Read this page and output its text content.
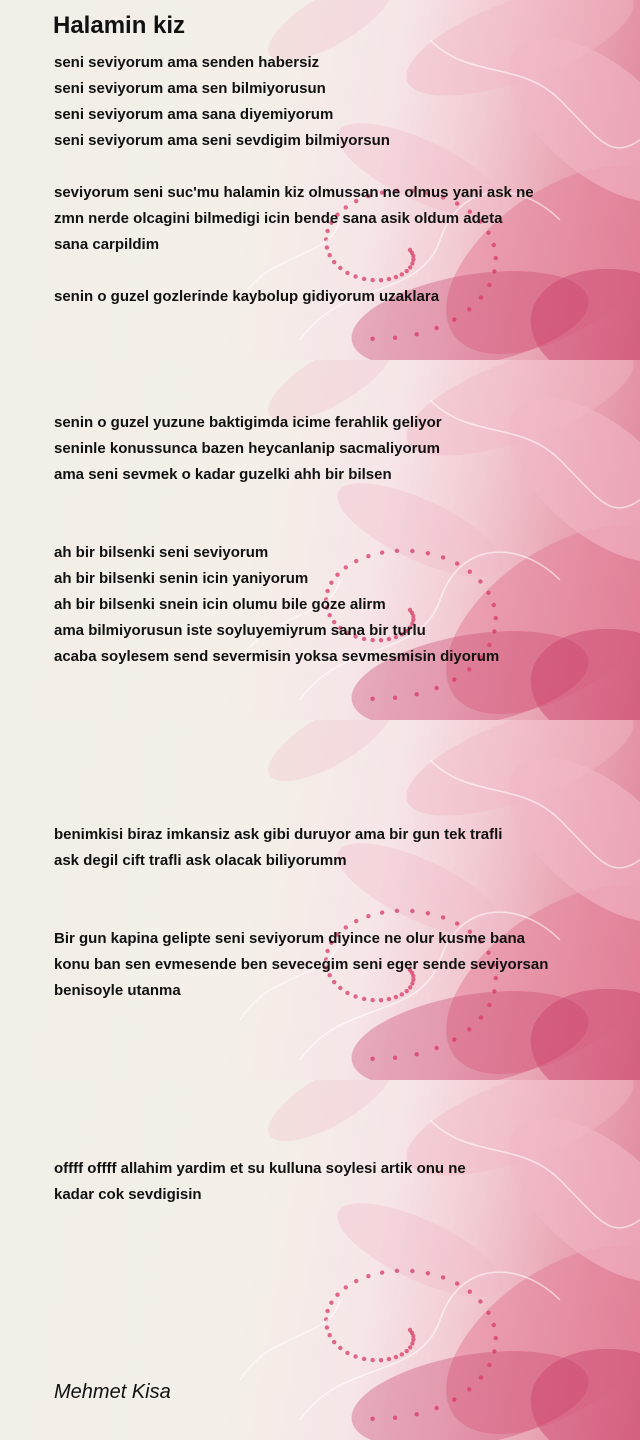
Halamin kiz
seni seviyorum ama senden habersiz
seni seviyorum ama sen bilmiyorusun
seni seviyorum ama sana diyemiyorum
seni seviyorum ama seni sevdigim bilmiyorsun
seviyorum seni suc'mu halamin kiz olmussan ne olmus yani ask ne
zmn nerde olcagini bilmedigi icin bende sana asik oldum adeta
sana carpildim
senin o guzel gozlerinde kaybolup gidiyorum uzaklara
senin o guzel yuzune baktigimda icime ferahlik geliyor
seninle konussunca bazen heycanlanip sacmaliyorum
ama seni sevmek o kadar guzelki ahh bir bilsen
ah bir bilsenki seni seviyorum
ah bir bilsenki senin icin yaniyorum
ah bir bilsenki snein icin olumu bile goze alirm
ama bilmiyorusun iste soyluyemiyrum sana bir turlu
acaba soylesem send severmisin yoksa sevmesmisin diyorum
benimkisi biraz imkansiz ask gibi duruyor ama bir gun tek trafli
ask degil cift trafli ask olacak biliyorumm
Bir gun kapina gelipte seni seviyorum diyince ne olur kusme bana
konu ban sen evmesende ben sevecegim seni eger sende seviyorsan
benisoyle utanma
offff offff allahim yardim et su kulluna soylesi artik onu ne
kadar cok sevdigisin
Mehmet Kisa
